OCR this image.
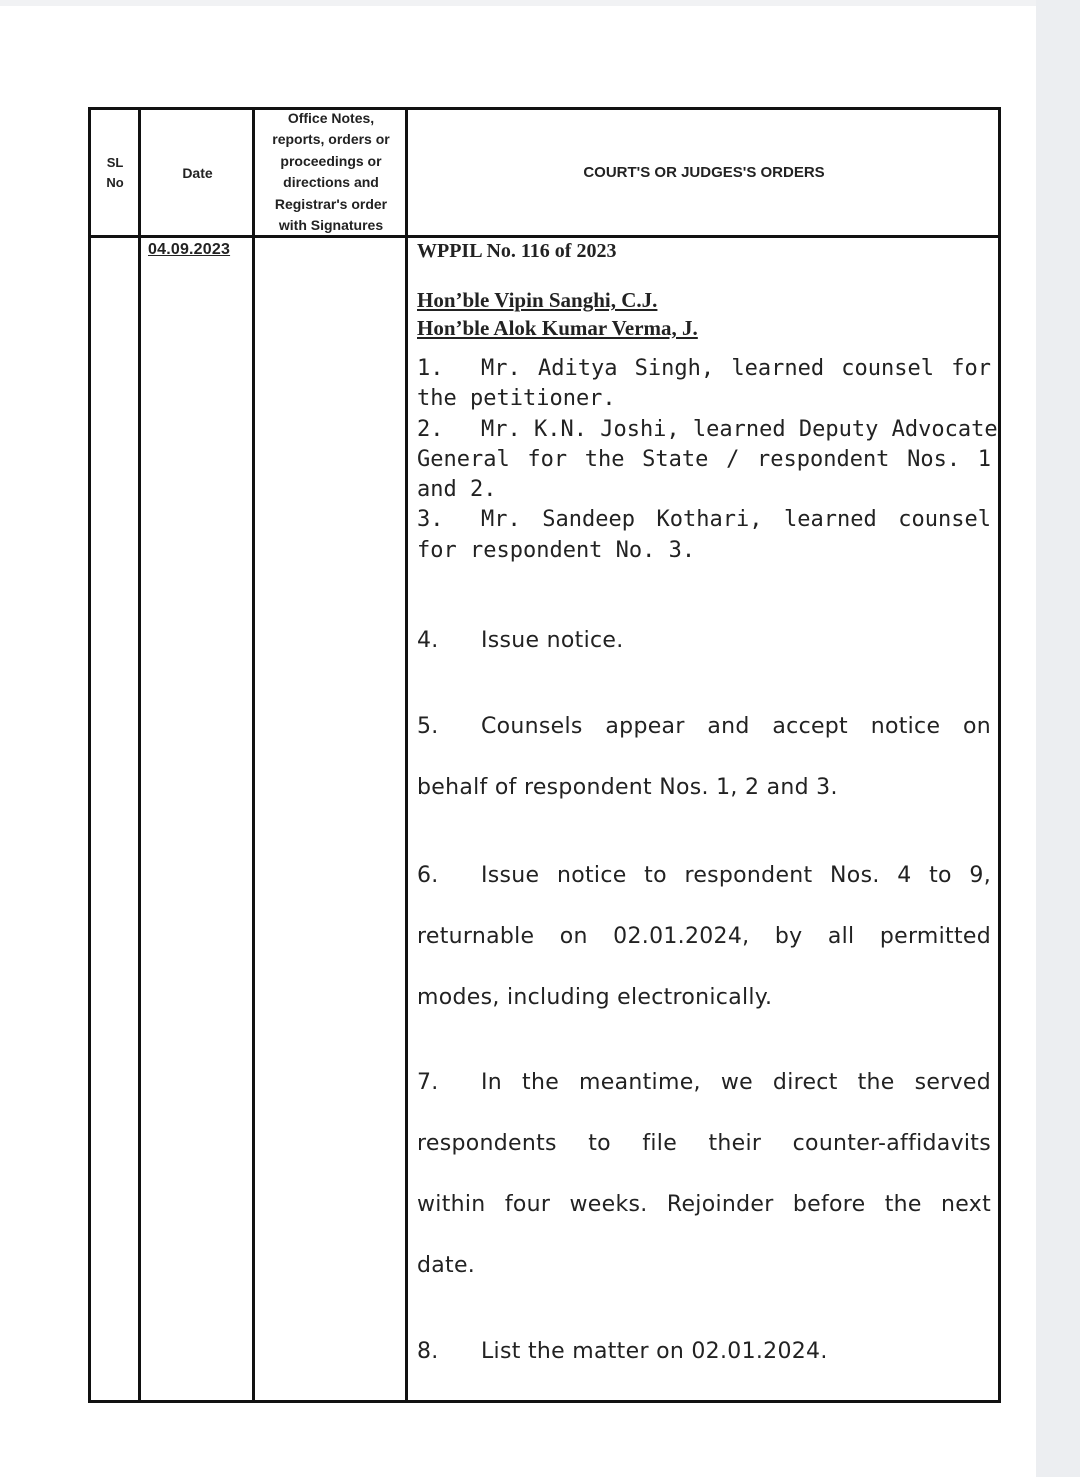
SL No
Date
Office Notes, reports, orders or proceedings or directions and Registrar's order with Signatures
COURT'S OR JUDGES'S ORDERS
04.09.2023	WPPIL No. 116 of 2023
Hon’ble Vipin Sanghi, C.J.
Hon’ble Alok Kumar Verma, J.
1. Mr. Aditya Singh, learned counsel for
the petitioner.
2. Mr. K.N. Joshi, learned Deputy Advocate
General for the State / respondent Nos. 1
and 2.
3. Mr. Sandeep Kothari, learned counsel
for respondent No. 3.
4. Issue notice.
5. Counsels appear and accept notice on
behalf of respondent Nos. 1, 2 and 3.
6. Issue notice to respondent Nos. 4 to 9,
returnable on 02.01.2024, by all permitted
modes, including electronically.
7. In the meantime, we direct the served
respondents to file their counter-affidavits
within four weeks. Rejoinder before the next
date.
8. List the matter on 02.01.2024.
